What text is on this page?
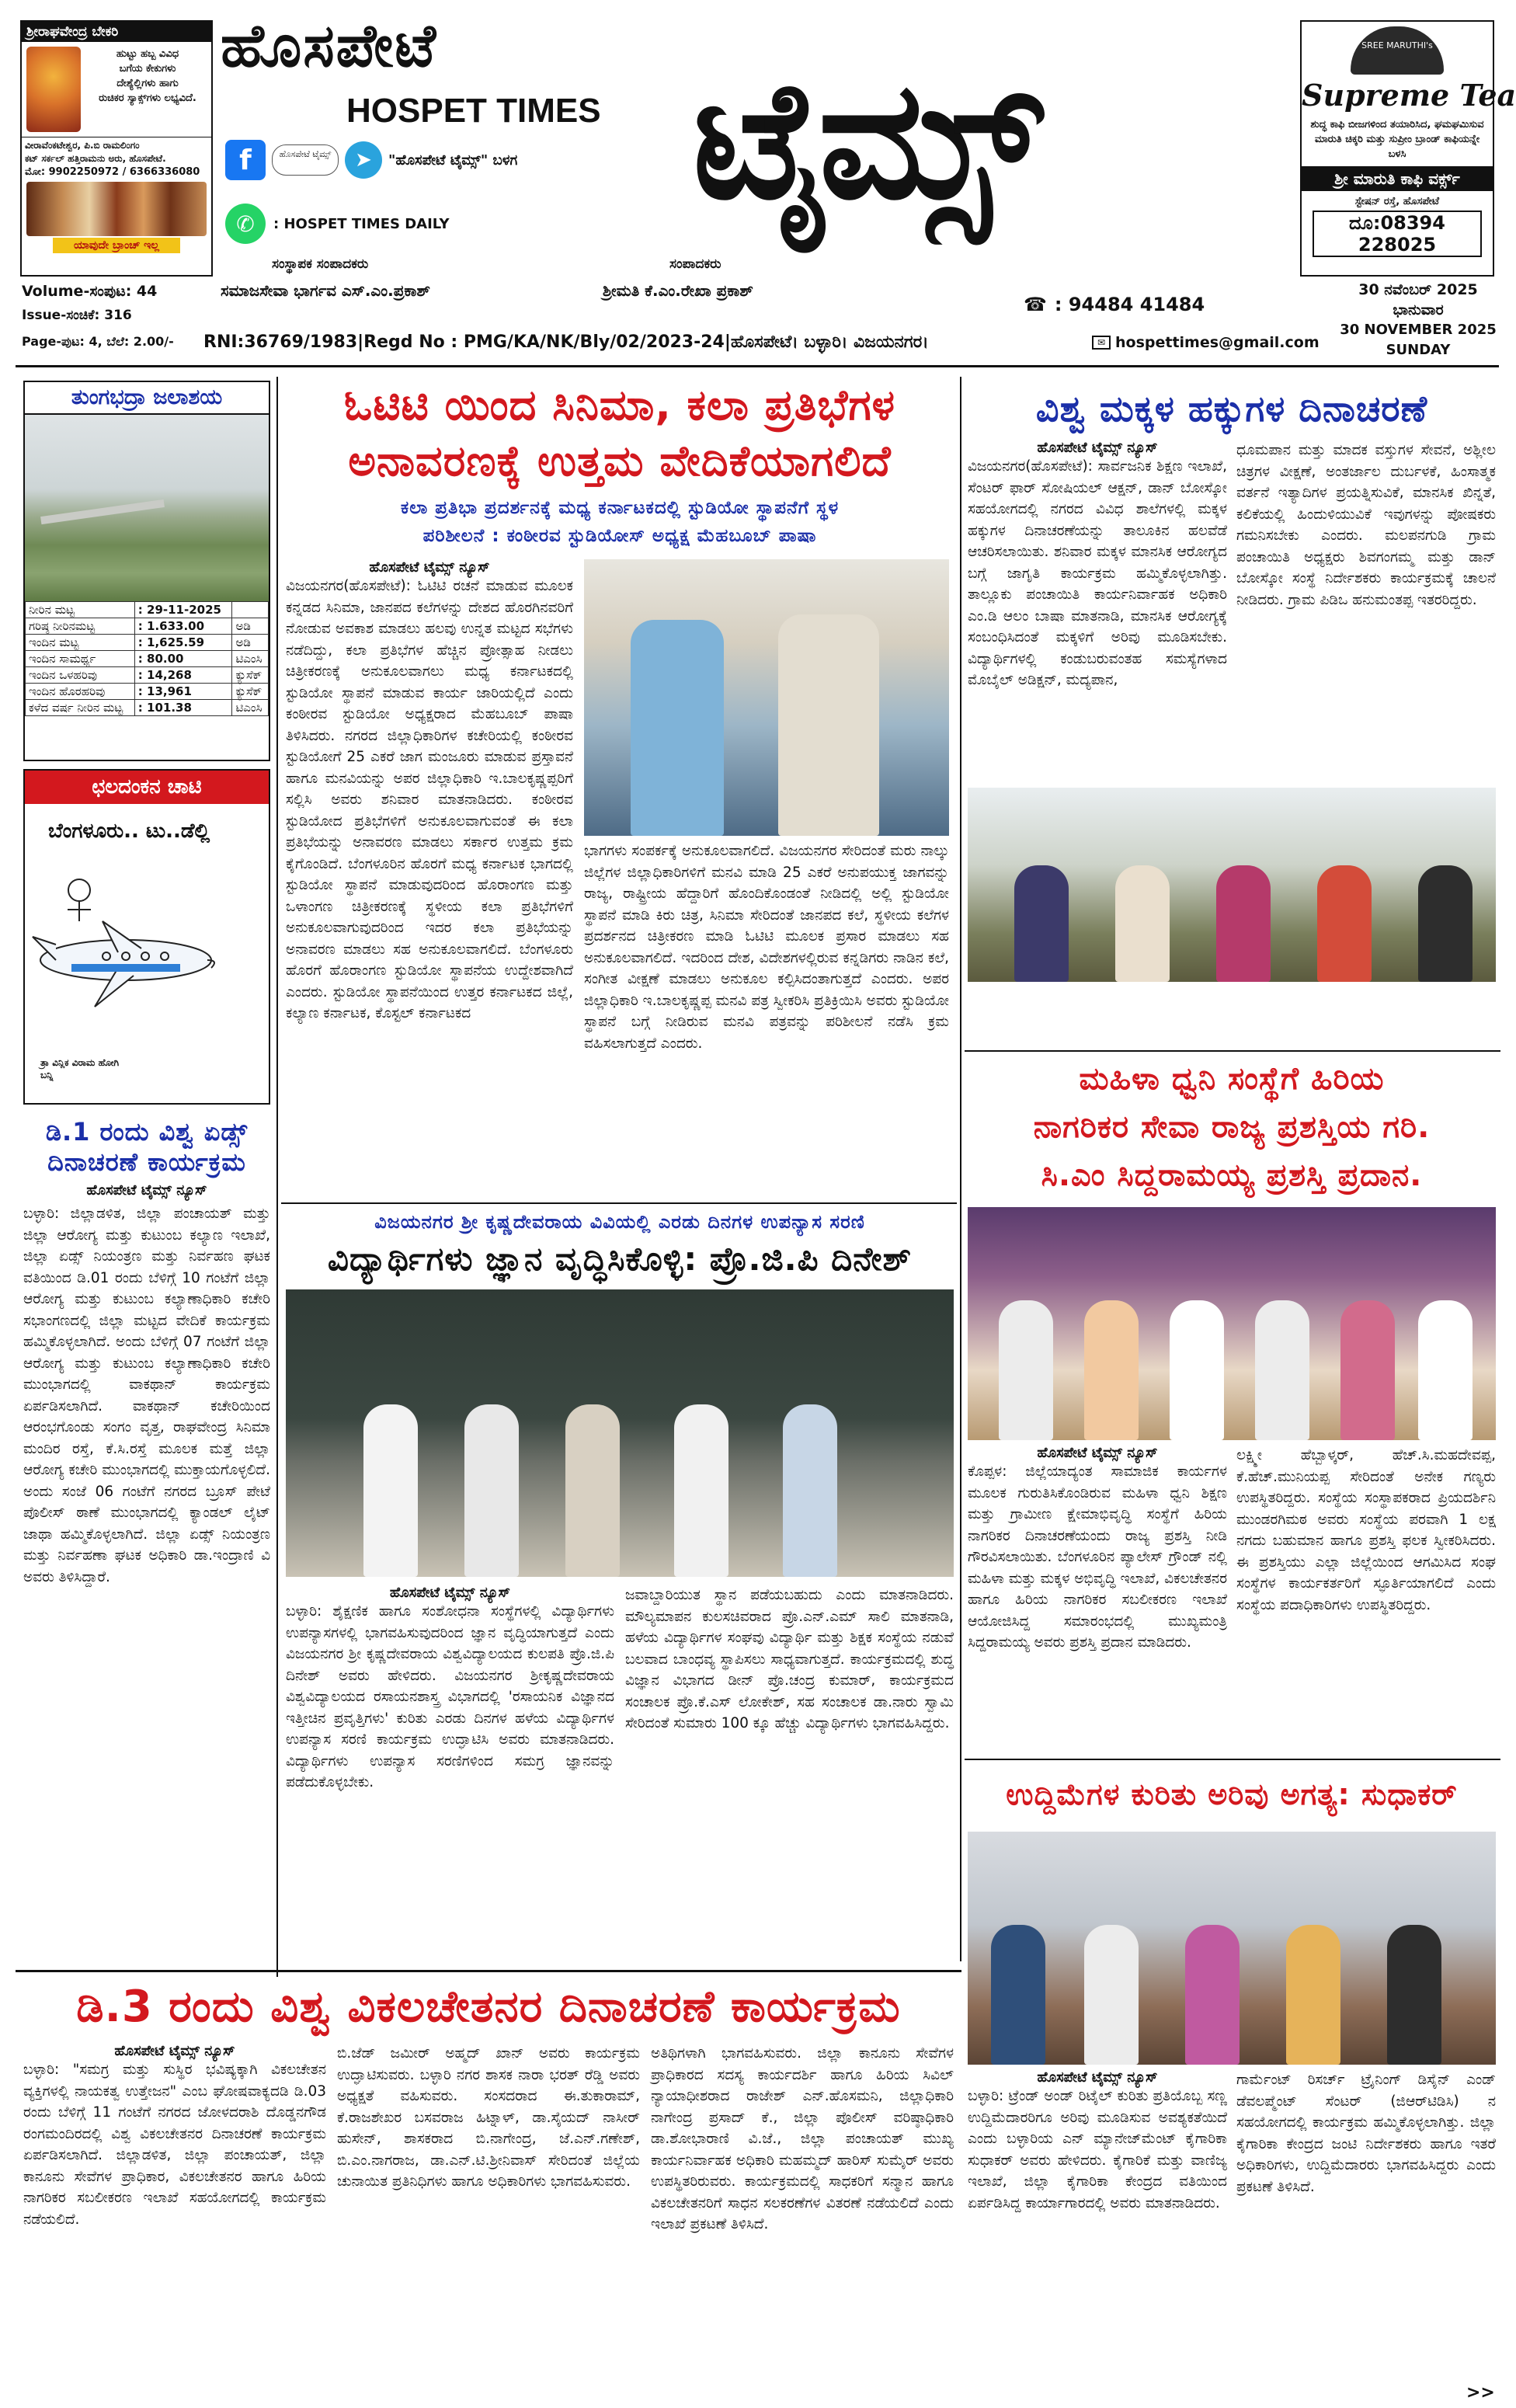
ಶ್ರೀರಾಘವೇಂದ್ರ ಬೇಕರಿ
ಹುಟ್ಟು ಹಬ್ಬ ವಿವಿಧ
ಬಗೆಯ ಕೇಕುಗಳು
ದೇಶ್ಯೆಲ್ಲಿಗಳು ಹಾಗು
ರುಚಿಕರ ಸ್ಯಾಕ್ಸ್‌ಗಳು ಲಭ್ಯವಿದೆ.
ವೀರಾವೆಂಕಟೇಶ್ವರ, ಪಿ.ಬಿ ರಾಮಲಿಂಗಂ
ಕಟ್ ಸರ್ಕಲ್ ಹತ್ತಿರಾಮನು ಅರು, ಹೊಸಪೇಟೆ.
ಮೋ: 9902250972 / 6366336080
ಯಾವುದೇ ಬ್ರಾಂಚ್ ಇಲ್ಲ
ಹೊಸಪೇಟೆ
HOSPET TIMES ಟೈಮ್ಸ್
f	ಹೊಸಪೇಟೆ ಟೈಮ್ಸ್	➤	"ಹೊಸಪೇಟೆ ಟೈಮ್ಸ್" ಬಳಗ
✆	: HOSPET TIMES DAILY
SREE MARUTHI's
Supreme Tea
ಶುದ್ಧ ಕಾಫಿ ಬೀಜಗಳಿಂದ ತಯಾರಿಸಿದ, ಘಮಘಮಿಸುವ ಮಾರುತಿ ಚಿಕ್ಕರಿ ಮತ್ತು ಸುಪ್ರೀಂ ಬ್ರಾಂಡ್ ಕಾಫಿಯನ್ನೇ ಬಳಸಿ
ಶ್ರೀ ಮಾರುತಿ ಕಾಫಿ ವರ್ಕ್ಸ್
ಸ್ಟೇಷನ್ ರಸ್ತೆ, ಹೊಸಪೇಟೆ
ದೂ:08394 228025
ಸಂಸ್ಥಾಪಕ ಸಂಪಾದಕರು
ಸಮಾಜಸೇವಾ ಭಾರ್ಗವ ಎಸ್.ಎಂ.ಪ್ರಕಾಶ್
ಸಂಪಾದಕರು
ಶ್ರೀಮತಿ ಕೆ.ಎಂ.ರೇಖಾ ಪ್ರಕಾಶ್
☎ : 94484 41484
Volume-ಸಂಪುಟ: 44
Issue-ಸಂಚಿಕೆ: 316
Page-ಪುಟ: 4, ಬೆಲೆ: 2.00/- RNI:36769/1983|Regd No : PMG/KA/NK/Bly/02/2023-24|ಹೊಸಪೇಟೆ। ಬಳ್ಳಾರಿ। ವಿಜಯನಗರ।	✉ hospettimes@gmail.com
30 ನವೆಂಬರ್ 2025
ಭಾನುವಾರ
30 NOVEMBER 2025
SUNDAY
ತುಂಗಭದ್ರಾ ಜಲಾಶಯ
ನೀರಿನ ಮಟ್ಟ	: 29-11-2025	
ಗರಿಷ್ಠ ನೀರಿನಮಟ್ಟ	: 1.633.00	ಅಡಿ
ಇಂದಿನ ಮಟ್ಟ	: 1,625.59	ಅಡಿ
ಇಂದಿನ ಸಾಮರ್ಥ್ಯ	: 80.00	ಟಿಎಂಸಿ
ಇಂದಿನ ಒಳಹರಿವು	: 14,268	ಕ್ಯುಸೆಕ್
ಇಂದಿನ ಹೊರಹರಿವು	: 13,961	ಕ್ಯುಸೆಕ್
ಕಳೆದ ವರ್ಷ ನೀರಿನ ಮಟ್ಟ	: 101.38	ಟಿಎಂಸಿ
ಛಲದಂಕನ ಚಾಟಿ
ಬೆಂಗಳೂರು.. ಟು..ಡೆಲ್ಲಿ
ತ್ರಾ ವಿನ್ಲಿಕ ವಿರಾಮ ಹೋಗಿ ಬನ್ನಿ
ಡಿ.1 ರಂದು ವಿಶ್ವ ಏಡ್ಸ್
ದಿನಾಚರಣೆ ಕಾರ್ಯಕ್ರಮ
ಹೊಸಪೇಟೆ ಟೈಮ್ಸ್ ನ್ಯೂಸ್
ಬಳ್ಳಾರಿ: ಜಿಲ್ಲಾಡಳಿತ, ಜಿಲ್ಲಾ ಪಂಚಾಯತ್ ಮತ್ತು ಜಿಲ್ಲಾ ಆರೋಗ್ಯ ಮತ್ತು ಕುಟುಂಬ ಕಲ್ಯಾಣ ಇಲಾಖೆ, ಜಿಲ್ಲಾ ಏಡ್ಸ್ ನಿಯಂತ್ರಣ ಮತ್ತು ನಿರ್ವಹಣ ಘಟಕ ವತಿಯಿಂದ ಡಿ.01 ರಂದು ಬೆಳಿಗ್ಗೆ 10 ಗಂಟೆಗೆ ಜಿಲ್ಲಾ ಆರೋಗ್ಯ ಮತ್ತು ಕುಟುಂಬ ಕಲ್ಯಾಣಾಧಿಕಾರಿ ಕಚೇರಿ ಸಭಾಂಗಣದಲ್ಲಿ ಜಿಲ್ಲಾ ಮಟ್ಟದ ವೇದಿಕೆ ಕಾರ್ಯಕ್ರಮ ಹಮ್ಮಿಕೊಳ್ಳಲಾಗಿದೆ. ಅಂದು ಬೆಳಿಗ್ಗೆ 07 ಗಂಟೆಗೆ ಜಿಲ್ಲಾ ಆರೋಗ್ಯ ಮತ್ತು ಕುಟುಂಬ ಕಲ್ಯಾಣಾಧಿಕಾರಿ ಕಚೇರಿ ಮುಂಭಾಗದಲ್ಲಿ ವಾಕಥಾನ್ ಕಾರ್ಯಕ್ರಮ ಏರ್ಪಡಿಸಲಾಗಿದೆ. ವಾಕಥಾನ್ ಕಚೇರಿಯಿಂದ ಆರಂಭಗೊಂಡು ಸಂಗಂ ವೃತ್ತ, ರಾಘವೇಂದ್ರ ಸಿನಿಮಾ ಮಂದಿರ ರಸ್ತೆ, ಕೆ.ಸಿ.ರಸ್ತೆ ಮೂಲಕ ಮತ್ತೆ ಜಿಲ್ಲಾ ಆರೋಗ್ಯ ಕಚೇರಿ ಮುಂಭಾಗದಲ್ಲಿ ಮುಕ್ತಾಯಗೊಳ್ಳಲಿದೆ. ಅಂದು ಸಂಜೆ 06 ಗಂಟೆಗೆ ನಗರದ ಬ್ರೂಸ್ ಪೇಟೆ ಪೊಲೀಸ್ ಠಾಣೆ ಮುಂಭಾಗದಲ್ಲಿ ಕ್ಯಾಂಡಲ್ ಲೈಟ್ ಜಾಥಾ ಹಮ್ಮಿಕೊಳ್ಳಲಾಗಿದೆ. ಜಿಲ್ಲಾ ಏಡ್ಸ್ ನಿಯಂತ್ರಣ ಮತ್ತು ನಿರ್ವಹಣಾ ಘಟಕ ಅಧಿಕಾರಿ ಡಾ.ಇಂದ್ರಾಣಿ ವಿ ಅವರು ತಿಳಿಸಿದ್ದಾರೆ.
ಓಟಿಟಿ ಯಿಂದ ಸಿನಿಮಾ, ಕಲಾ ಪ್ರತಿಭೆಗಳ
ಅನಾವರಣಕ್ಕೆ ಉತ್ತಮ ವೇದಿಕೆಯಾಗಲಿದೆ
ಕಲಾ ಪ್ರತಿಭಾ ಪ್ರದರ್ಶನಕ್ಕೆ ಮಧ್ಯ ಕರ್ನಾಟಕದಲ್ಲಿ ಸ್ಟುಡಿಯೋ ಸ್ಥಾಪನೆಗೆ ಸ್ಥಳ
ಪರಿಶೀಲನೆ : ಕಂಠೀರವ ಸ್ಟುಡಿಯೋಸ್ ಅಧ್ಯಕ್ಷ ಮೆಹಬೂಬ್ ಪಾಷಾ
ಹೊಸಪೇಟೆ ಟೈಮ್ಸ್ ನ್ಯೂಸ್
ವಿಜಯನಗರ(ಹೊಸಪೇಟೆ): ಓಟಿಟಿ ರಚನೆ ಮಾಡುವ ಮೂಲಕ ಕನ್ನಡದ ಸಿನಿಮಾ, ಜಾನಪದ ಕಲೆಗಳನ್ನು ದೇಶದ ಹೊರಗಿನವರಿಗೆ ನೋಡುವ ಅವಕಾಶ ಮಾಡಲು ಹಲವು ಉನ್ನತ ಮಟ್ಟದ ಸಭೆಗಳು ನಡೆದಿದ್ದು, ಕಲಾ ಪ್ರತಿಭೆಗಳ ಹೆಚ್ಚಿನ ಪ್ರೋತ್ಸಾಹ ನೀಡಲು ಚಿತ್ರೀಕರಣಕ್ಕೆ ಅನುಕೂಲವಾಗಲು ಮಧ್ಯ ಕರ್ನಾಟಕದಲ್ಲಿ ಸ್ಟುಡಿಯೋ ಸ್ಥಾಪನೆ ಮಾಡುವ ಕಾರ್ಯ ಜಾರಿಯಲ್ಲಿದೆ ಎಂದು ಕಂಠೀರವ ಸ್ಟುಡಿಯೋ ಅಧ್ಯಕ್ಷರಾದ ಮೆಹಬೂಬ್ ಪಾಷಾ ತಿಳಿಸಿದರು. ನಗರದ ಜಿಲ್ಲಾಧಿಕಾರಿಗಳ ಕಚೇರಿಯಲ್ಲಿ ಕಂಠೀರವ ಸ್ಟುಡಿಯೋಗೆ 25 ಎಕರೆ ಜಾಗ ಮಂಜೂರು ಮಾಡುವ ಪ್ರಸ್ತಾವನೆ ಹಾಗೂ ಮನವಿಯನ್ನು ಅಪರ ಜಿಲ್ಲಾಧಿಕಾರಿ ಇ.ಬಾಲಕೃಷ್ಣಪ್ಪರಿಗೆ ಸಲ್ಲಿಸಿ ಅವರು ಶನಿವಾರ ಮಾತನಾಡಿದರು. ಕಂಠೀರವ ಸ್ಟುಡಿಯೋದ ಪ್ರತಿಭೆಗಳಿಗೆ ಅನುಕೂಲವಾಗುವಂತೆ ಈ ಕಲಾ ಪ್ರತಿಭೆಯನ್ನು ಅನಾವರಣ ಮಾಡಲು ಸರ್ಕಾರ ಉತ್ತಮ ಕ್ರಮ ಕೈಗೊಂಡಿದೆ. ಬೆಂಗಳೂರಿನ ಹೊರಗೆ ಮಧ್ಯ ಕರ್ನಾಟಕ ಭಾಗದಲ್ಲಿ ಸ್ಟುಡಿಯೋ ಸ್ಥಾಪನೆ ಮಾಡುವುದರಿಂದ ಹೊರಾಂಗಣ ಮತ್ತು ಒಳಾಂಗಣ ಚಿತ್ರೀಕರಣಕ್ಕೆ ಸ್ಥಳೀಯ ಕಲಾ ಪ್ರತಿಭೆಗಳಿಗೆ ಅನುಕೂಲವಾಗುವುದರಿಂದ ಇದರ ಕಲಾ ಪ್ರತಿಭೆಯನ್ನು ಅನಾವರಣ ಮಾಡಲು ಸಹ ಅನುಕೂಲವಾಗಲಿದೆ. ಬೆಂಗಳೂರು ಹೊರಗೆ ಹೊರಾಂಗಣ ಸ್ಟುಡಿಯೋ ಸ್ಥಾಪನೆಯ ಉದ್ದೇಶವಾಗಿದೆ ಎಂದರು. ಸ್ಟುಡಿಯೋ ಸ್ಥಾಪನೆಯಿಂದ ಉತ್ತರ ಕರ್ನಾಟಕದ ಜಿಲ್ಲೆ, ಕಲ್ಯಾಣ ಕರ್ನಾಟಕ, ಕೊಸ್ಟಲ್ ಕರ್ನಾಟಕದ
ಭಾಗಗಳು ಸಂಪರ್ಕಕ್ಕೆ ಅನುಕೂಲವಾಗಲಿದೆ. ವಿಜಯನಗರ ಸೇರಿದಂತೆ ಮರು ನಾಲ್ಕು ಜಿಲ್ಲೆಗಳ ಜಿಲ್ಲಾಧಿಕಾರಿಗಳಿಗೆ ಮನವಿ ಮಾಡಿ 25 ಎಕರೆ ಅನುಪಯುಕ್ತ ಜಾಗವನ್ನು ರಾಜ್ಯ, ರಾಷ್ಟ್ರೀಯ ಹೆದ್ದಾರಿಗೆ ಹೊಂದಿಕೊಂಡಂತೆ ನೀಡಿದಲ್ಲಿ ಅಲ್ಲಿ ಸ್ಟುಡಿಯೋ ಸ್ಥಾಪನೆ ಮಾಡಿ ಕಿರು ಚಿತ್ರ, ಸಿನಿಮಾ ಸೇರಿದಂತೆ ಜಾನಪದ ಕಲೆ, ಸ್ಥಳೀಯ ಕಲೆಗಳ ಪ್ರದರ್ಶನದ ಚಿತ್ರೀಕರಣ ಮಾಡಿ ಓಟಿಟಿ ಮೂಲಕ ಪ್ರಸಾರ ಮಾಡಲು ಸಹ ಅನುಕೂಲವಾಗಲಿದೆ. ಇದರಿಂದ ದೇಶ, ವಿದೇಶಗಳಲ್ಲಿರುವ ಕನ್ನಡಿಗರು ನಾಡಿನ ಕಲೆ, ಸಂಗೀತ ವೀಕ್ಷಣೆ ಮಾಡಲು ಅನುಕೂಲ ಕಲ್ಪಿಸಿದಂತಾಗುತ್ತದೆ ಎಂದರು. ಅಪರ ಜಿಲ್ಲಾಧಿಕಾರಿ ಇ.ಬಾಲಕೃಷ್ಣಪ್ಪ ಮನವಿ ಪತ್ರ ಸ್ವೀಕರಿಸಿ ಪ್ರತಿಕ್ರಿಯಿಸಿ ಅವರು ಸ್ಟುಡಿಯೋ ಸ್ಥಾಪನೆ ಬಗ್ಗೆ ನೀಡಿರುವ ಮನವಿ ಪತ್ರವನ್ನು ಪರಿಶೀಲನೆ ನಡೆಸಿ ಕ್ರಮ ವಹಿಸಲಾಗುತ್ತದೆ ಎಂದರು.
ವಿಜಯನಗರ ಶ್ರೀ ಕೃಷ್ಣದೇವರಾಯ ವಿವಿಯಲ್ಲಿ ಎರಡು ದಿನಗಳ ಉಪನ್ಯಾಸ ಸರಣಿ
ವಿದ್ಯಾರ್ಥಿಗಳು ಜ್ಞಾನ ವೃದ್ಧಿಸಿಕೊಳ್ಳಿ: ಪ್ರೊ.ಜಿ.ಪಿ ದಿನೇಶ್
ಹೊಸಪೇಟೆ ಟೈಮ್ಸ್ ನ್ಯೂಸ್
ಬಳ್ಳಾರಿ: ಶೈಕ್ಷಣಿಕ ಹಾಗೂ ಸಂಶೋಧನಾ ಸಂಸ್ಥೆಗಳಲ್ಲಿ ವಿದ್ಯಾರ್ಥಿಗಳು ಉಪನ್ಯಾಸಗಳಲ್ಲಿ ಭಾಗವಹಿಸುವುದರಿಂದ ಜ್ಞಾನ ವೃದ್ಧಿಯಾಗುತ್ತದೆ ಎಂದು ವಿಜಯನಗರ ಶ್ರೀ ಕೃಷ್ಣದೇವರಾಯ ವಿಶ್ವವಿದ್ಯಾಲಯದ ಕುಲಪತಿ ಪ್ರೊ.ಜಿ.ಪಿ ದಿನೇಶ್ ಅವರು ಹೇಳಿದರು. ವಿಜಯನಗರ ಶ್ರೀಕೃಷ್ಣದೇವರಾಯ ವಿಶ್ವವಿದ್ಯಾಲಯದ ರಸಾಯನಶಾಸ್ತ್ರ ವಿಭಾಗದಲ್ಲಿ 'ರಸಾಯನಿಕ ವಿಜ್ಞಾನದ ಇತ್ತೀಚಿನ ಪ್ರವೃತ್ತಿಗಳು' ಕುರಿತು ಎರಡು ದಿನಗಳ ಹಳೆಯ ವಿದ್ಯಾರ್ಥಿಗಳ ಉಪನ್ಯಾಸ ಸರಣಿ ಕಾರ್ಯಕ್ರಮ ಉದ್ಘಾಟಿಸಿ ಅವರು ಮಾತನಾಡಿದರು. ವಿದ್ಯಾರ್ಥಿಗಳು ಉಪನ್ಯಾಸ ಸರಣಿಗಳಿಂದ ಸಮಗ್ರ ಜ್ಞಾನವನ್ನು ಪಡೆದುಕೊಳ್ಳಬೇಕು.
ಜವಾಬ್ದಾರಿಯುತ ಸ್ಥಾನ ಪಡೆಯಬಹುದು ಎಂದು ಮಾತನಾಡಿದರು. ಮೌಲ್ಯಮಾಪನ ಕುಲಸಚಿವರಾದ ಪ್ರೊ.ಎನ್.ಎಮ್ ಸಾಲಿ ಮಾತನಾಡಿ, ಹಳೆಯ ವಿದ್ಯಾರ್ಥಿಗಳ ಸಂಘವು ವಿದ್ಯಾರ್ಥಿ ಮತ್ತು ಶಿಕ್ಷಕ ಸಂಸ್ಥೆಯ ನಡುವೆ ಬಲವಾದ ಬಾಂಧವ್ಯ ಸ್ಥಾಪಿಸಲು ಸಾಧ್ಯವಾಗುತ್ತದೆ. ಕಾರ್ಯಕ್ರಮದಲ್ಲಿ ಶುದ್ಧ ವಿಜ್ಞಾನ ವಿಭಾಗದ ಡೀನ್ ಪ್ರೊ.ಚಂದ್ರ ಕುಮಾರ್, ಕಾರ್ಯಕ್ರಮದ ಸಂಚಾಲಕ ಪ್ರೊ.ಕೆ.ಎಸ್ ಲೋಕೇಶ್, ಸಹ ಸಂಚಾಲಕ ಡಾ.ನಾರು ಸ್ವಾಮಿ ಸೇರಿದಂತೆ ಸುಮಾರು 100 ಕ್ಕೂ ಹೆಚ್ಚು ವಿದ್ಯಾರ್ಥಿಗಳು ಭಾಗವಹಿಸಿದ್ದರು.
ವಿಶ್ವ ಮಕ್ಕಳ ಹಕ್ಕುಗಳ ದಿನಾಚರಣೆ
ಹೊಸಪೇಟೆ ಟೈಮ್ಸ್ ನ್ಯೂಸ್
ವಿಜಯನಗರ(ಹೊಸಪೇಟೆ): ಸಾರ್ವಜನಿಕ ಶಿಕ್ಷಣ ಇಲಾಖೆ, ಸೆಂಟರ್ ಫಾರ್ ಸೋಷಿಯಲ್ ಆಕ್ಷನ್, ಡಾನ್ ಬೋಸ್ಕೋ ಸಹಯೋಗದಲ್ಲಿ ನಗರದ ವಿವಿಧ ಶಾಲೆಗಳಲ್ಲಿ ಮಕ್ಕಳ ಹಕ್ಕುಗಳ ದಿನಾಚರಣೆಯನ್ನು ತಾಲೂಕಿನ ಹಲವೆಡೆ ಆಚರಿಸಲಾಯಿತು. ಶನಿವಾರ ಮಕ್ಕಳ ಮಾನಸಿಕ ಆರೋಗ್ಯದ ಬಗ್ಗೆ ಜಾಗೃತಿ ಕಾರ್ಯಕ್ರಮ ಹಮ್ಮಿಕೊಳ್ಳಲಾಗಿತ್ತು. ತಾಲ್ಲೂಕು ಪಂಚಾಯಿತಿ ಕಾರ್ಯನಿರ್ವಾಹಕ ಅಧಿಕಾರಿ ಎಂ.ಡಿ ಆಲಂ ಬಾಷಾ ಮಾತನಾಡಿ, ಮಾನಸಿಕ ಆರೋಗ್ಯಕ್ಕೆ ಸಂಬಂಧಿಸಿದಂತೆ ಮಕ್ಕಳಿಗೆ ಅರಿವು ಮೂಡಿಸಬೇಕು. ವಿದ್ಯಾರ್ಥಿಗಳಲ್ಲಿ ಕಂಡುಬರುವಂತಹ ಸಮಸ್ಯೆಗಳಾದ ಮೊಬೈಲ್ ಅಡಿಕ್ಷನ್, ಮದ್ಯಪಾನ,
ಧೂಮಪಾನ ಮತ್ತು ಮಾದಕ ವಸ್ತುಗಳ ಸೇವನೆ, ಅಶ್ಲೀಲ ಚಿತ್ರಗಳ ವೀಕ್ಷಣೆ, ಅಂತರ್ಜಾಲ ದುರ್ಬಳಕೆ, ಹಿಂಸಾತ್ಮಕ ವರ್ತನೆ ಇತ್ಯಾದಿಗಳ ಪ್ರಯತ್ನಿಸುವಿಕೆ, ಮಾನಸಿಕ ಖಿನ್ನತೆ, ಕಲಿಕೆಯಲ್ಲಿ ಹಿಂದುಳಿಯುವಿಕೆ ಇವುಗಳನ್ನು ಪೋಷಕರು ಗಮನಿಸಬೇಕು ಎಂದರು. ಮಲಪನಗುಡಿ ಗ್ರಾಮ ಪಂಚಾಯಿತಿ ಅಧ್ಯಕ್ಷರು ಶಿವಗಂಗಮ್ಮ ಮತ್ತು ಡಾನ್ ಬೋಸ್ಕೋ ಸಂಸ್ಥೆ ನಿರ್ದೇಶಕರು ಕಾರ್ಯಕ್ರಮಕ್ಕೆ ಚಾಲನೆ ನೀಡಿದರು. ಗ್ರಾಮ ಪಿಡಿಒ ಹನುಮಂತಪ್ಪ ಇತರರಿದ್ದರು.
ಮಹಿಳಾ ಧ್ವನಿ ಸಂಸ್ಥೆಗೆ ಹಿರಿಯ
ನಾಗರಿಕರ ಸೇವಾ ರಾಜ್ಯ ಪ್ರಶಸ್ತಿಯ ಗರಿ.
ಸಿ.ಎಂ ಸಿದ್ದರಾಮಯ್ಯ ಪ್ರಶಸ್ತಿ ಪ್ರದಾನ.
ಹೊಸಪೇಟೆ ಟೈಮ್ಸ್ ನ್ಯೂಸ್
ಕೊಪ್ಪಳ: ಜಿಲ್ಲೆಯಾದ್ಯಂತ ಸಾಮಾಜಿಕ ಕಾರ್ಯಗಳ ಮೂಲಕ ಗುರುತಿಸಿಕೊಂಡಿರುವ ಮಹಿಳಾ ಧ್ವನಿ ಶಿಕ್ಷಣ ಮತ್ತು ಗ್ರಾಮೀಣ ಕ್ಷೇಮಾಭಿವೃದ್ಧಿ ಸಂಸ್ಥೆಗೆ ಹಿರಿಯ ನಾಗರಿಕರ ದಿನಾಚರಣೆಯಂದು ರಾಜ್ಯ ಪ್ರಶಸ್ತಿ ನೀಡಿ ಗೌರವಿಸಲಾಯಿತು. ಬೆಂಗಳೂರಿನ ಪ್ಯಾಲೇಸ್ ಗ್ರೌಂಡ್ ನಲ್ಲಿ ಮಹಿಳಾ ಮತ್ತು ಮಕ್ಕಳ ಅಭಿವೃದ್ಧಿ ಇಲಾಖೆ, ವಿಕಲಚೇತನರ ಹಾಗೂ ಹಿರಿಯ ನಾಗರಿಕರ ಸಬಲೀಕರಣ ಇಲಾಖೆ ಆಯೋಜಿಸಿದ್ದ ಸಮಾರಂಭದಲ್ಲಿ ಮುಖ್ಯಮಂತ್ರಿ ಸಿದ್ದರಾಮಯ್ಯ ಅವರು ಪ್ರಶಸ್ತಿ ಪ್ರದಾನ ಮಾಡಿದರು.
ಲಕ್ಷ್ಮೀ ಹೆಬ್ಬಾಳ್ಕರ್, ಹೆಚ್.ಸಿ.ಮಹದೇವಪ್ಪ, ಕೆ.ಹೆಚ್.ಮುನಿಯಪ್ಪ ಸೇರಿದಂತೆ ಅನೇಕ ಗಣ್ಯರು ಉಪಸ್ಥಿತರಿದ್ದರು. ಸಂಸ್ಥೆಯ ಸಂಸ್ಥಾಪಕರಾದ ಪ್ರಿಯದರ್ಶಿನಿ ಮುಂಡರಗಿಮಠ ಅವರು ಸಂಸ್ಥೆಯ ಪರವಾಗಿ 1 ಲಕ್ಷ ನಗದು ಬಹುಮಾನ ಹಾಗೂ ಪ್ರಶಸ್ತಿ ಫಲಕ ಸ್ವೀಕರಿಸಿದರು. ಈ ಪ್ರಶಸ್ತಿಯು ಎಲ್ಲಾ ಜಿಲ್ಲೆಯಿಂದ ಆಗಮಿಸಿದ ಸಂಘ ಸಂಸ್ಥೆಗಳ ಕಾರ್ಯಕರ್ತರಿಗೆ ಸ್ಫೂರ್ತಿಯಾಗಲಿದೆ ಎಂದು ಸಂಸ್ಥೆಯ ಪದಾಧಿಕಾರಿಗಳು ಉಪಸ್ಥಿತರಿದ್ದರು.
ಡಿ.3 ರಂದು ವಿಶ್ವ ವಿಕಲಚೇತನರ ದಿನಾಚರಣೆ ಕಾರ್ಯಕ್ರಮ
ಹೊಸಪೇಟೆ ಟೈಮ್ಸ್ ನ್ಯೂಸ್
ಬಳ್ಳಾರಿ: "ಸಮಗ್ರ ಮತ್ತು ಸುಸ್ಥಿರ ಭವಿಷ್ಯಕ್ಕಾಗಿ ವಿಕಲಚೇತನ ವ್ಯಕ್ತಿಗಳಲ್ಲಿ ನಾಯಕತ್ವ ಉತ್ತೇಜನ" ಎಂಬ ಘೋಷವಾಕ್ಯದಡಿ ಡಿ.03 ರಂದು ಬೆಳಿಗ್ಗೆ 11 ಗಂಟೆಗೆ ನಗರದ ಜೋಳದರಾಶಿ ದೊಡ್ಡನಗೌಡ ರಂಗಮಂದಿರದಲ್ಲಿ ವಿಶ್ವ ವಿಕಲಚೇತನರ ದಿನಾಚರಣೆ ಕಾರ್ಯಕ್ರಮ ಏರ್ಪಡಿಸಲಾಗಿದೆ. ಜಿಲ್ಲಾಡಳಿತ, ಜಿಲ್ಲಾ ಪಂಚಾಯತ್, ಜಿಲ್ಲಾ ಕಾನೂನು ಸೇವೆಗಳ ಪ್ರಾಧಿಕಾರ, ವಿಕಲಚೇತನರ ಹಾಗೂ ಹಿರಿಯ ನಾಗರಿಕರ ಸಬಲೀಕರಣ ಇಲಾಖೆ ಸಹಯೋಗದಲ್ಲಿ ಕಾರ್ಯಕ್ರಮ ನಡೆಯಲಿದೆ.
ಬಿ.ಜೆಡ್ ಜಮೀರ್ ಅಹ್ಮದ್ ಖಾನ್ ಅವರು ಕಾರ್ಯಕ್ರಮ ಉದ್ಘಾಟಿಸುವರು. ಬಳ್ಳಾರಿ ನಗರ ಶಾಸಕ ನಾರಾ ಭರತ್ ರೆಡ್ಡಿ ಅವರು ಅಧ್ಯಕ್ಷತೆ ವಹಿಸುವರು. ಸಂಸದರಾದ ಈ.ತುಕಾರಾಮ್, ಕೆ.ರಾಜಶೇಖರ ಬಸವರಾಜ ಹಿಟ್ನಾಳ್, ಡಾ.ಸೈಯದ್ ನಾಸೀರ್ ಹುಸೇನ್, ಶಾಸಕರಾದ ಬಿ.ನಾಗೇಂದ್ರ, ಜೆ.ಎನ್.ಗಣೇಶ್, ಬಿ.ಎಂ.ನಾಗರಾಜ, ಡಾ.ಎನ್.ಟಿ.ಶ್ರೀನಿವಾಸ್ ಸೇರಿದಂತೆ ಜಿಲ್ಲೆಯ ಚುನಾಯಿತ ಪ್ರತಿನಿಧಿಗಳು ಹಾಗೂ ಅಧಿಕಾರಿಗಳು ಭಾಗವಹಿಸುವರು.
ಅತಿಥಿಗಳಾಗಿ ಭಾಗವಹಿಸುವರು. ಜಿಲ್ಲಾ ಕಾನೂನು ಸೇವೆಗಳ ಪ್ರಾಧಿಕಾರದ ಸದಸ್ಯ ಕಾರ್ಯದರ್ಶಿ ಹಾಗೂ ಹಿರಿಯ ಸಿವಿಲ್ ನ್ಯಾಯಾಧೀಶರಾದ ರಾಜೇಶ್ ಎನ್.ಹೊಸಮನಿ, ಜಿಲ್ಲಾಧಿಕಾರಿ ನಾಗೇಂದ್ರ ಪ್ರಸಾದ್ ಕೆ., ಜಿಲ್ಲಾ ಪೊಲೀಸ್ ವರಿಷ್ಠಾಧಿಕಾರಿ ಡಾ.ಶೋಭಾರಾಣಿ ವಿ.ಜೆ., ಜಿಲ್ಲಾ ಪಂಚಾಯತ್ ಮುಖ್ಯ ಕಾರ್ಯನಿರ್ವಾಹಕ ಅಧಿಕಾರಿ ಮಹಮ್ಮದ್ ಹಾರಿಸ್ ಸುಮೈರ್ ಅವರು ಉಪಸ್ಥಿತರಿರುವರು. ಕಾರ್ಯಕ್ರಮದಲ್ಲಿ ಸಾಧಕರಿಗೆ ಸನ್ಮಾನ ಹಾಗೂ ವಿಕಲಚೇತನರಿಗೆ ಸಾಧನ ಸಲಕರಣೆಗಳ ವಿತರಣೆ ನಡೆಯಲಿದೆ ಎಂದು ಇಲಾಖೆ ಪ್ರಕಟಣೆ ತಿಳಿಸಿದೆ.
ಉದ್ದಿಮೆಗಳ ಕುರಿತು ಅರಿವು ಅಗತ್ಯ: ಸುಧಾಕರ್
ಹೊಸಪೇಟೆ ಟೈಮ್ಸ್ ನ್ಯೂಸ್
ಬಳ್ಳಾರಿ: ಟ್ರೆಂಡ್ ಅಂಡ್ ರಿಟೈಲ್ ಕುರಿತು ಪ್ರತಿಯೊಬ್ಬ ಸಣ್ಣ ಉದ್ದಿಮೆದಾರರಿಗೂ ಅರಿವು ಮೂಡಿಸುವ ಅವಶ್ಯಕತೆಯಿದೆ ಎಂದು ಬಳ್ಳಾರಿಯ ಎನ್ ಮ್ಯಾನೇಜ್‌ಮೆಂಟ್ ಕೈಗಾರಿಕಾ ಸುಧಾಕರ್ ಅವರು ಹೇಳಿದರು. ಕೈಗಾರಿಕೆ ಮತ್ತು ವಾಣಿಜ್ಯ ಇಲಾಖೆ, ಜಿಲ್ಲಾ ಕೈಗಾರಿಕಾ ಕೇಂದ್ರದ ವತಿಯಿಂದ ಏರ್ಪಡಿಸಿದ್ದ ಕಾರ್ಯಾಗಾರದಲ್ಲಿ ಅವರು ಮಾತನಾಡಿದರು.
ಗಾರ್ಮೆಂಟ್ ರಿಸರ್ಚ್ ಟ್ರೈನಿಂಗ್ ಡಿಸೈನ್ ಎಂಡ್ ಡೆವಲಪ್ಮೆಂಟ್ ಸೆಂಟರ್ (ಜಿಆರ್‌ಟಿಡಿಸಿ) ನ ಸಹಯೋಗದಲ್ಲಿ ಕಾರ್ಯಕ್ರಮ ಹಮ್ಮಿಕೊಳ್ಳಲಾಗಿತ್ತು. ಜಿಲ್ಲಾ ಕೈಗಾರಿಕಾ ಕೇಂದ್ರದ ಜಂಟಿ ನಿರ್ದೇಶಕರು ಹಾಗೂ ಇತರೆ ಅಧಿಕಾರಿಗಳು, ಉದ್ದಿಮೆದಾರರು ಭಾಗವಹಿಸಿದ್ದರು ಎಂದು ಪ್ರಕಟಣೆ ತಿಳಿಸಿದೆ.
>>
